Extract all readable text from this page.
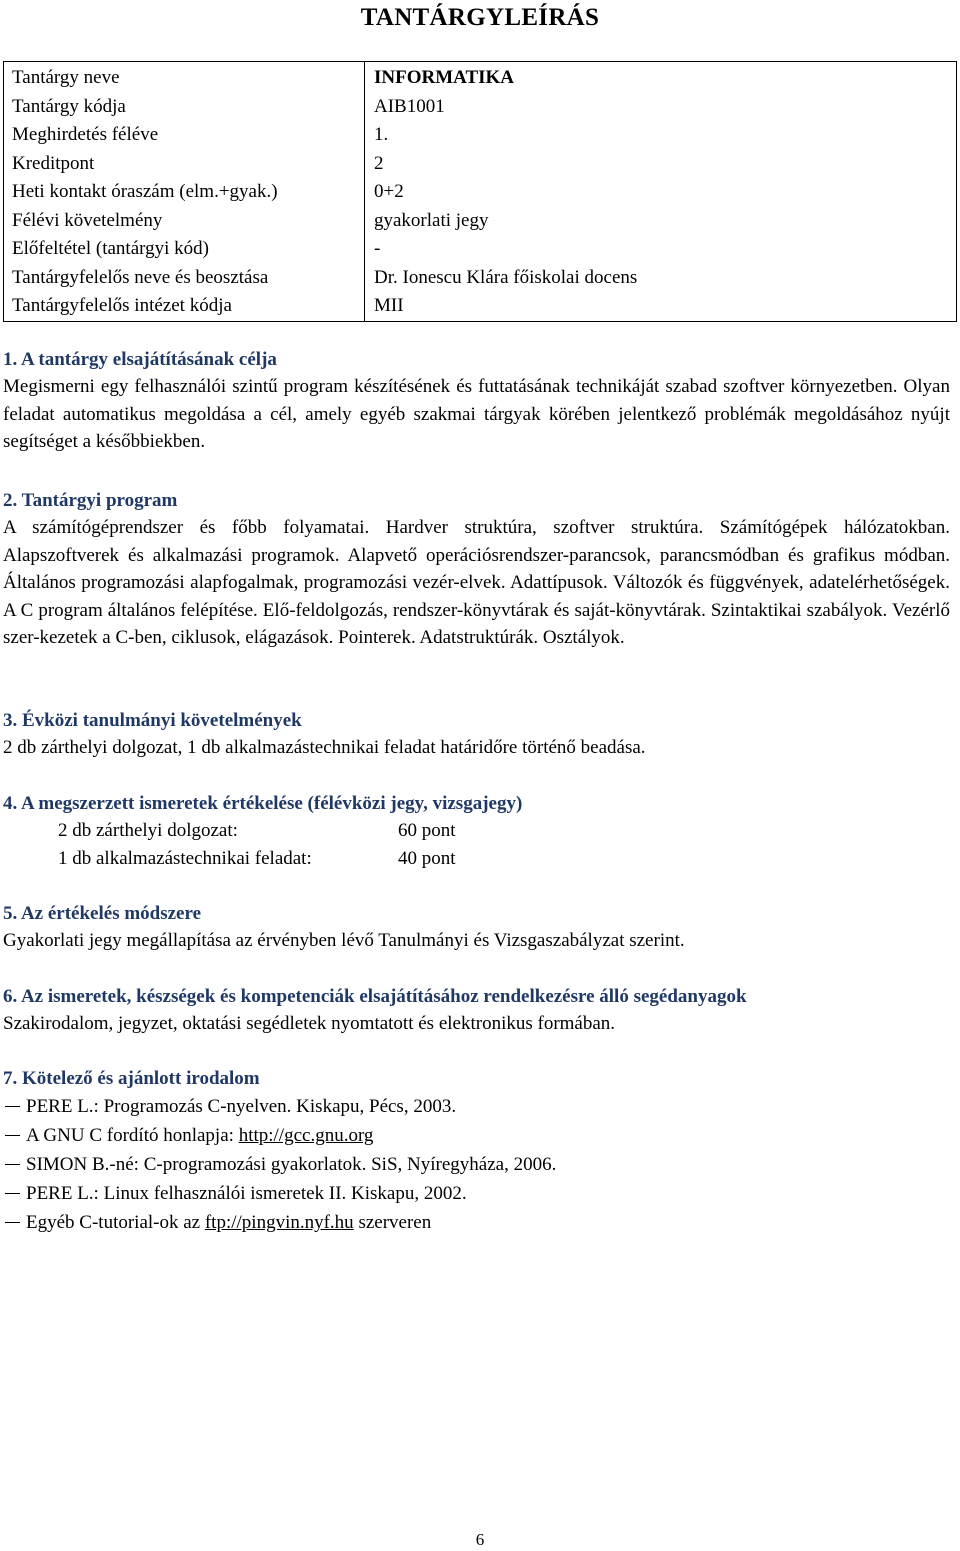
TANTÁRGYLEÍRÁS
Tantárgy neve	INFORMATIKA
Tantárgy kódja	AIB1001
Meghirdetés féléve	1.
Kreditpont	2
Heti kontakt óraszám (elm.+gyak.)	0+2
Félévi követelmény	gyakorlati jegy
Előfeltétel (tantárgyi kód)	-
Tantárgyfelelős neve és beosztása	Dr. Ionescu Klára főiskolai docens
Tantárgyfelelős intézet kódja	MII
1. A tantárgy elsajátításának célja

Megismerni egy felhasználói szintű program készítésének és futtatásának technikáját szabad szoftver környezetben. Olyan feladat automatikus megoldása a cél, amely egyéb szakmai tárgyak körében jelentkező problémák megoldásához nyújt segítséget a későbbiekben.

2. Tantárgyi program

A számítógéprendszer és főbb folyamatai. Hardver struktúra, szoftver struktúra. Számítógépek hálózatokban. Alapszoftverek és alkalmazási programok. Alapvető operációsrendszer-parancsok, parancsmódban és grafikus módban. Általános programozási alapfogalmak, programozási vezér-elvek. Adattípusok. Változók és függvények, adatelérhetőségek. A C program általános felépítése. Elő-feldolgozás, rendszer-könyvtárak és saját-könyvtárak. Szintaktikai szabályok. Vezérlő szer-kezetek a C-ben, ciklusok, elágazások. Pointerek. Adatstruktúrák. Osztályok.

3. Évközi tanulmányi követelmények

2 db zárthelyi dolgozat, 1 db alkalmazástechnikai feladat határidőre történő beadása.

4. A megszerzett ismeretek értékelése (félévközi jegy, vizsgajegy)
2 db zárthelyi dolgozat:	60 pont
1 db alkalmazástechnikai feladat:	40 pont
5. Az értékelés módszere

Gyakorlati jegy megállapítása az érvényben lévő Tanulmányi és Vizsgaszabályzat szerint.

6. Az ismeretek, készségek és kompetenciák elsajátításához rendelkezésre álló segédanyagok

Szakirodalom, jegyzet, oktatási segédletek nyomtatott és elektronikus formában.

7. Kötelező és ajánlott irodalom
PERE L.: Programozás C-nyelven. Kiskapu, Pécs, 2003.
A GNU C fordító honlapja:
http://gcc.gnu.org
SIMON B.-né: C-programozási gyakorlatok. SiS, Nyíregyháza, 2006.
PERE L.: Linux felhasználói ismeretek II. Kiskapu, 2002.
Egyéb C-tutorial-ok az
ftp://pingvin.nyf.hu
szerveren
6
